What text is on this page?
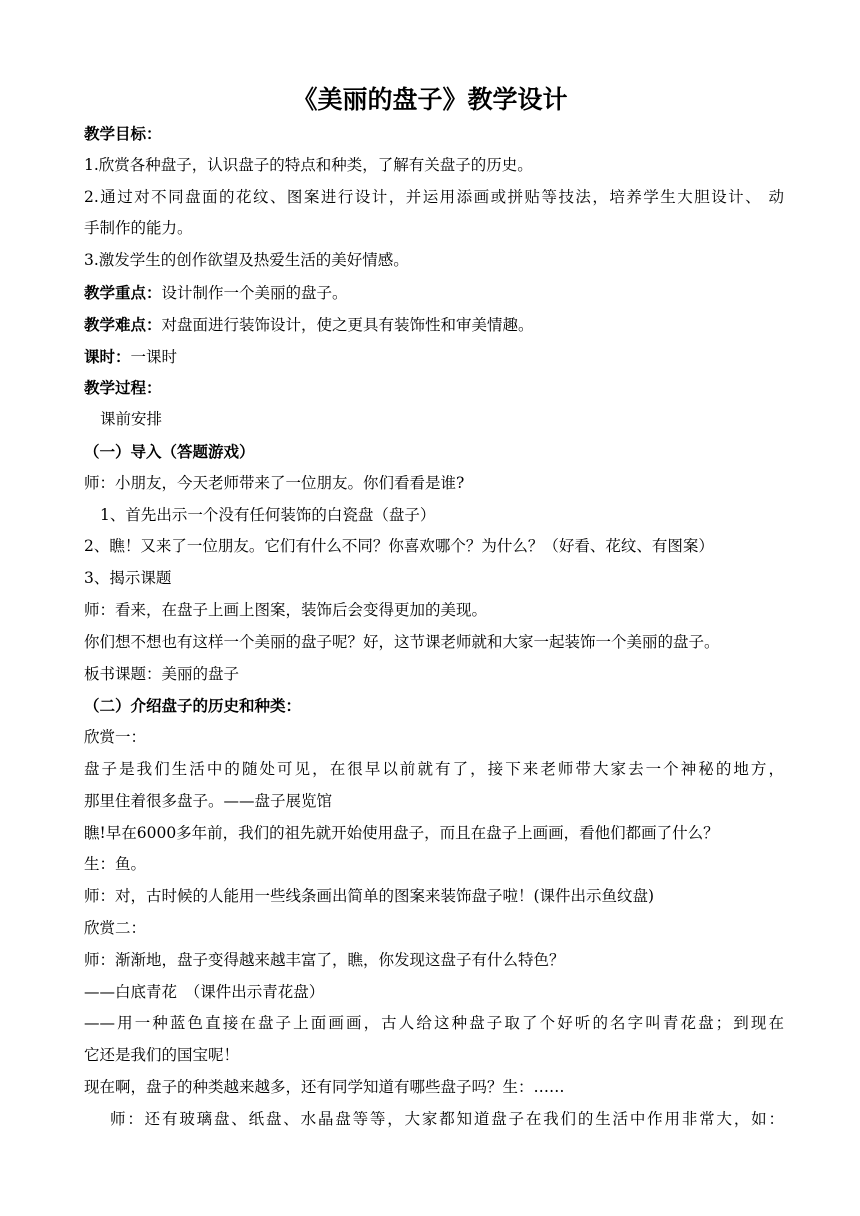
《美丽的盘子》教学设计
教学目标：
1.欣赏各种盘子，认识盘子的特点和种类，了解有关盘子的历史。
2.通过对不同盘面的花纹、图案进行设计，并运用添画或拼贴等技法，培养学生大胆设计、 动
手制作的能力。
3.激发学生的创作欲望及热爱生活的美好情感。
教学重点：设计制作一个美丽的盘子。
教学难点：对盘面进行装饰设计，使之更具有装饰性和审美情趣。
课时：一课时
教学过程：
课前安排
（一）导入（答题游戏）
师：小朋友，今天老师带来了一位朋友。你们看看是谁?
1、首先出示一个没有任何装饰的白瓷盘（盘子）
2、瞧！又来了一位朋友。它们有什么不同？你喜欢哪个？为什么？（好看、花纹、有图案）
3、揭示课题
师：看来，在盘子上画上图案，装饰后会变得更加的美现。
你们想不想也有这样一个美丽的盘子呢？好，这节课老师就和大家一起装饰一个美丽的盘子。
板书课题：美丽的盘子
（二）介绍盘子的历史和种类：
欣赏一：
盘子是我们生活中的随处可见，在很早以前就有了，接下来老师带大家去一个神秘的地方，
那里住着很多盘子。——盘子展览馆
瞧!早在6000多年前，我们的祖先就开始使用盘子，而且在盘子上画画，看他们都画了什么？
生：鱼。
师：对，古时候的人能用一些线条画出简单的图案来装饰盘子啦！(课件出示鱼纹盘)
欣赏二：
师：渐渐地，盘子变得越来越丰富了，瞧，你发现这盘子有什么特色？
——白底青花　（课件出示青花盘）
——用一种蓝色直接在盘子上面画画，古人给这种盘子取了个好听的名字叫青花盘；到现在
它还是我们的国宝呢！
现在啊，盘子的种类越来越多，还有同学知道有哪些盘子吗？生：……
师：还有玻璃盘、纸盘、水晶盘等等，大家都知道盘子在我们的生活中作用非常大，如：
